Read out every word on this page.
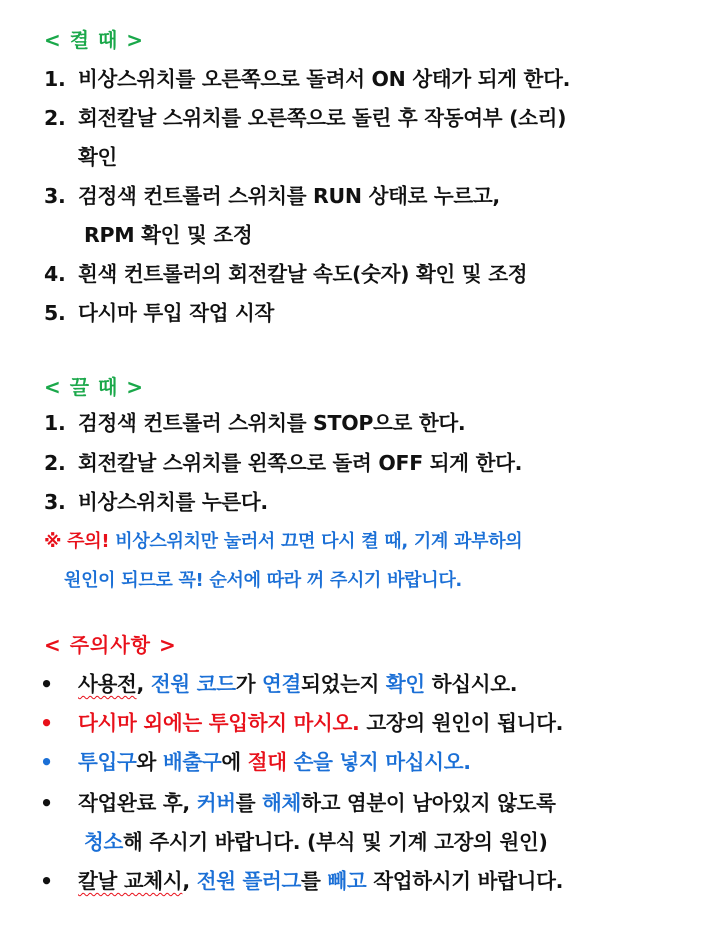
< 켤 때 >
1. 비상스위치를 오른쪽으로 돌려서 ON 상태가 되게 한다.
2. 회전칼날 스위치를 오른쪽으로 돌린 후 작동여부 (소리)
확인
3. 검정색 컨트롤러 스위치를 RUN 상태로 누르고,
RPM 확인 및 조정
4. 흰색 컨트롤러의 회전칼날 속도(숫자) 확인 및 조정
5. 다시마 투입 작업 시작
< 끌 때 >
1. 검정색 컨트롤러 스위치를 STOP으로 한다.
2. 회전칼날 스위치를 왼쪽으로 돌려 OFF 되게 한다.
3. 비상스위치를 누른다.
※ 주의! 비상스위치만 눌러서 끄면 다시 켤 때, 기계 과부하의
원인이 되므로 꼭! 순서에 따라 꺼 주시기 바랍니다.
< 주의사항 >
• 사용전, 전원 코드가 연결되었는지 확인 하십시오.
• 다시마 외에는 투입하지 마시오. 고장의 원인이 됩니다.
• 투입구와 배출구에 절대 손을 넣지 마십시오.
• 작업완료 후, 커버를 해체하고 염분이 남아있지 않도록
청소해 주시기 바랍니다. (부식 및 기계 고장의 원인)
• 칼날 교체시, 전원 플러그를 빼고 작업하시기 바랍니다.
